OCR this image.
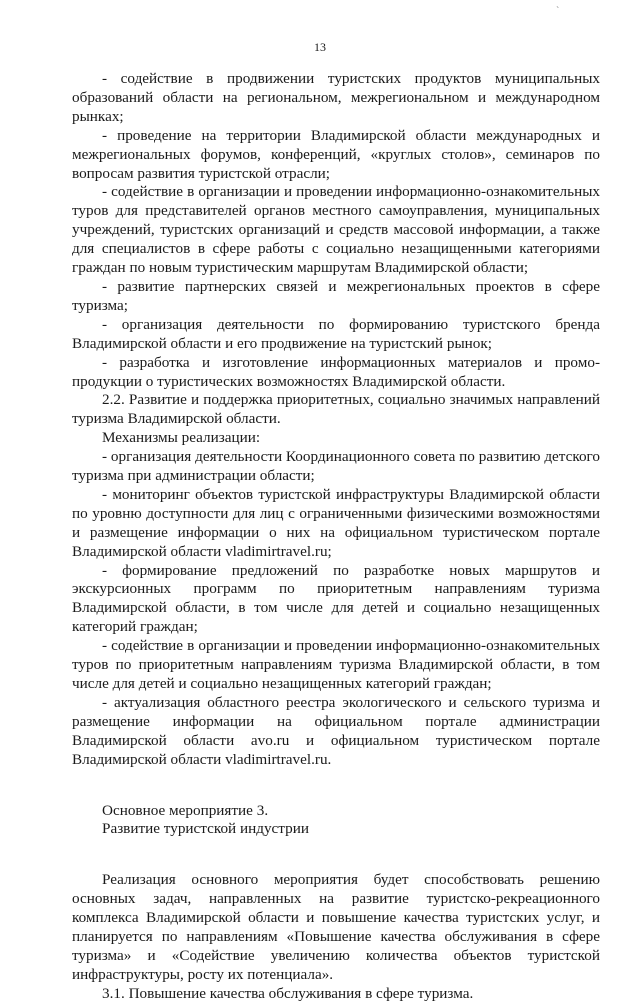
`
13

- содействие в продвижении туристских продуктов муниципальных образований области на региональном, межрегиональном и международном рынках;

- проведение на территории Владимирской области международных и межрегиональных форумов, конференций, «круглых столов», семинаров по вопросам развития туристской отрасли;

- содействие в организации и проведении информационно-ознакомительных туров для представителей органов местного самоуправления, муниципальных учреждений, туристских организаций и средств массовой информации, а также для специалистов в сфере работы с социально незащищенными категориями граждан по новым туристическим маршрутам Владимирской области;

- развитие партнерских связей и межрегиональных проектов в сфере туризма;

- организация деятельности по формированию туристского бренда Владимирской области и его продвижение на туристский рынок;

- разработка и изготовление информационных материалов и промо-продукции о туристических возможностях Владимирской области.

2.2. Развитие и поддержка приоритетных, социально значимых направлений туризма Владимирской области.

Механизмы реализации:

- организация деятельности Координационного совета по развитию детского туризма при администрации области;

- мониторинг объектов туристской инфраструктуры Владимирской области по уровню доступности для лиц с ограниченными физическими возможностями и размещение информации о них на официальном туристическом портале Владимирской области vladimirtravel.ru;

- формирование предложений по разработке новых маршрутов и экскурсионных программ по приоритетным направлениям туризма Владимирской области, в том числе для детей и социально незащищенных категорий граждан;

- содействие в организации и проведении информационно-ознакомительных туров по приоритетным направлениям туризма Владимирской области, в том числе для детей и социально незащищенных категорий граждан;

- актуализация областного реестра экологического и сельского туризма и размещение информации на официальном портале администрации Владимирской области avo.ru и официальном туристическом портале Владимирской области vladimirtravel.ru.

Основное мероприятие 3.

Развитие туристской индустрии

Реализация основного мероприятия будет способствовать решению основных задач, направленных на развитие туристско-рекреационного комплекса Владимирской области и повышение качества туристских услуг, и планируется по направлениям «Повышение качества обслуживания в сфере туризма» и «Содействие увеличению количества объектов туристской инфраструктуры, росту их потенциала».

3.1. Повышение качества обслуживания в сфере туризма.
